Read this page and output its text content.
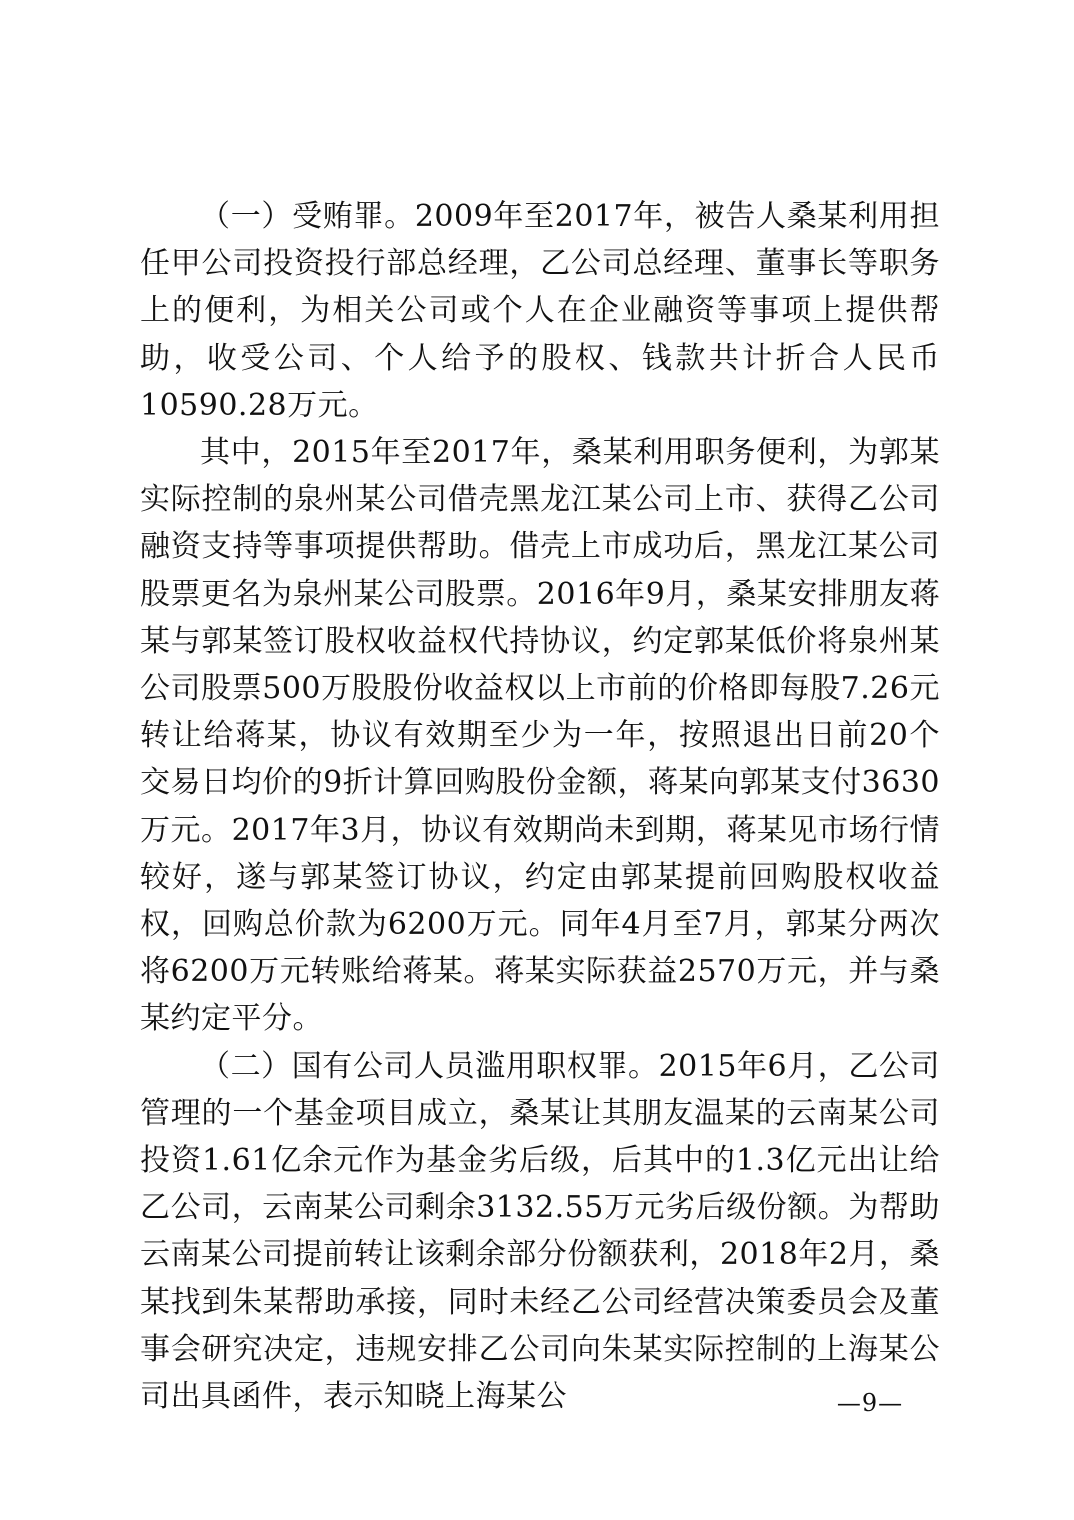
（一）受贿罪。2009年至2017年，被告人桑某利用担任甲公司投资投行部总经理，乙公司总经理、董事长等职务上的便利，为相关公司或个人在企业融资等事项上提供帮助，收受公司、个人给予的股权、钱款共计折合人民币10590.28万元。

其中，2015年至2017年，桑某利用职务便利，为郭某实际控制的泉州某公司借壳黑龙江某公司上市、获得乙公司融资支持等事项提供帮助。借壳上市成功后，黑龙江某公司股票更名为泉州某公司股票。2016年9月，桑某安排朋友蒋某与郭某签订股权收益权代持协议，约定郭某低价将泉州某公司股票500万股股份收益权以上市前的价格即每股7.26元转让给蒋某，协议有效期至少为一年，按照退出日前20个交易日均价的9折计算回购股份金额，蒋某向郭某支付3630万元。2017年3月，协议有效期尚未到期，蒋某见市场行情较好，遂与郭某签订协议，约定由郭某提前回购股权收益权，回购总价款为6200万元。同年4月至7月，郭某分两次将6200万元转账给蒋某。蒋某实际获益2570万元，并与桑某约定平分。

（二）国有公司人员滥用职权罪。2015年6月，乙公司管理的一个基金项目成立，桑某让其朋友温某的云南某公司投资1.61亿余元作为基金劣后级，后其中的1.3亿元出让给乙公司，云南某公司剩余3132.55万元劣后级份额。为帮助云南某公司提前转让该剩余部分份额获利，2018年2月，桑某找到朱某帮助承接，同时未经乙公司经营决策委员会及董事会研究决定，违规安排乙公司向朱某实际控制的上海某公司出具函件，表示知晓上海某公	—9—
